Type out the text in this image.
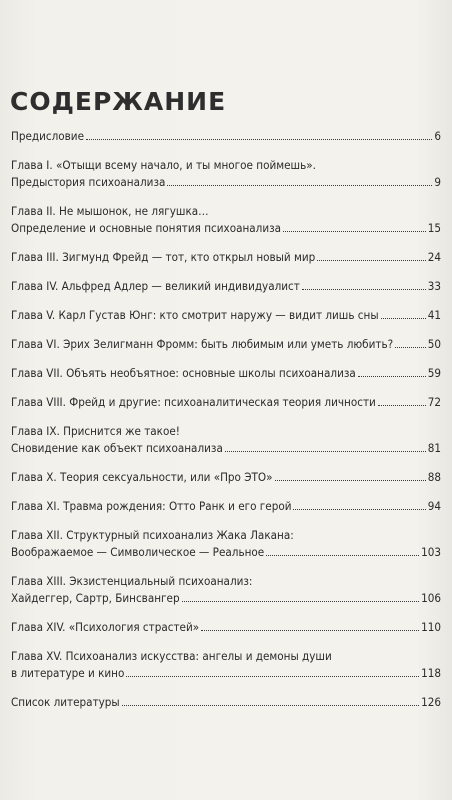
СОДЕРЖАНИЕ
Предисловие	6
Глава I. «Отыщи всему начало, и ты многое поймешь».
Предыстория психоанализа	9
Глава II. Не мышонок, не лягушка…
Определение и основные понятия психоанализа	15
Глава III. Зигмунд Фрейд — тот, кто открыл новый мир	24
Глава IV. Альфред Адлер — великий индивидуалист	33
Глава V. Карл Густав Юнг: кто смотрит наружу — видит лишь сны	41
Глава VI. Эрих Зелигманн Фромм: быть любимым или уметь любить?	50
Глава VII. Объять необъятное: основные школы психоанализа	59
Глава VIII. Фрейд и другие: психоаналитическая теория личности	72
Глава IX. Приснится же такое!
Сновидение как объект психоанализа	81
Глава X. Теория сексуальности, или «Про ЭТО»	88
Глава XI. Травма рождения: Отто Ранк и его герой	94
Глава XII. Структурный психоанализ Жака Лакана:
Воображаемое — Символическое — Реальное	103
Глава XIII. Экзистенциальный психоанализ:
Хайдеггер, Сартр, Бинсвангер	106
Глава XIV. «Психология страстей»	110
Глава XV. Психоанализ искусства: ангелы и демоны души
в литературе и кино	118
Список литературы	126
